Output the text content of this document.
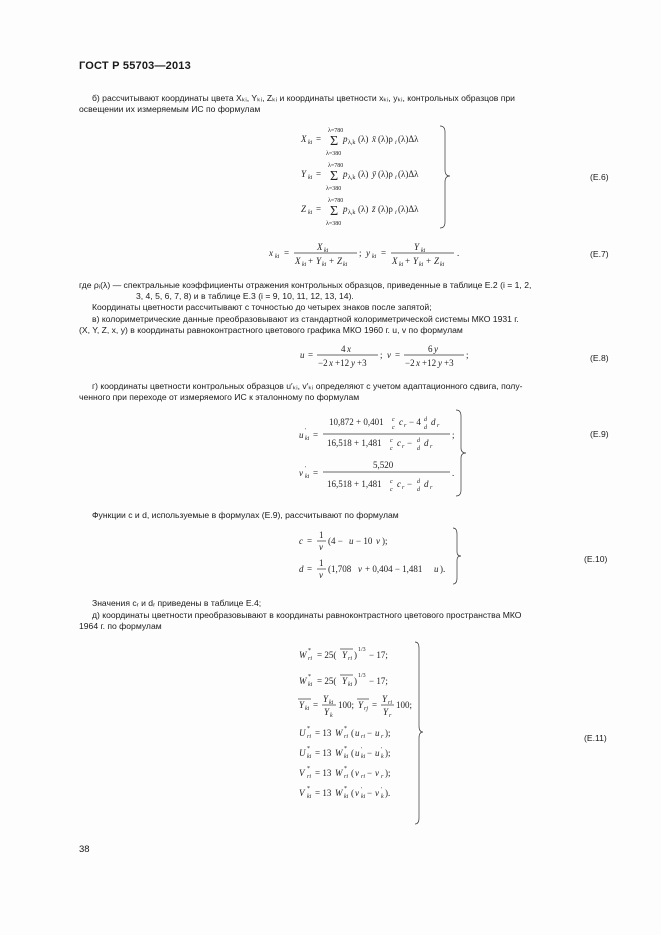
ГОСТ Р 55703—2013
б) рассчитывают координаты цвета Xₖᵢ, Yₖᵢ, Zₖᵢ и координаты цветности xₖᵢ, yₖᵢ, контрольных образцов при
освещении их измеряемым ИС по формулам
X ki =
λ=780
Σ
λ=380
p λ,k (λ) x̄ (λ)ρ i (λ)Δλ
Y ki =
λ=780
Σ
λ=380
p λ,k (λ) ȳ (λ)ρ i (λ)Δλ
Z ki =
λ=780
Σ
λ=380
p λ,k (λ) z̄ (λ)ρ i (λ)Δλ
(Е.6)
x ki =
X ki
X ki + Y ki + Z ki
; y ki =
Y ki
X ki + Y ki + Z ki
.	(Е.7)
где ρᵢ(λ) — спектральные коэффициенты отражения контрольных образцов, приведенные в таблице Е.2 (i = 1, 2,
3, 4, 5, 6, 7, 8) и в таблице Е.3 (i = 9, 10, 11, 12, 13, 14).
Координаты цветности рассчитывают с точностью до четырех знаков после запятой;
в) колориметрические данные преобразовывают из стандартной колориметрической системы МКО 1931 г.
(X, Y, Z, x, y) в координаты равноконтрастного цветового графика МКО 1960 г. u, v по формулам
u =
4 x
−2 x +12 y +3
; v =
6 y
−2 x +12 y +3
;	(Е.8)
г) координаты цветности контрольных образцов u′ₖᵢ, v′ₖᵢ определяют с учетом адаптационного сдвига, полу-
ченного при переходе от измеряемого ИС к эталонному по формулам
u ′
ki =
10,872 + 0,401 c
c
c r − 4 d
d
d r
16,518 + 1,481 c
c
c r − d
d
d r
;
v ′
ki =
5,520
16,518 + 1,481 c
c
c r − d
d
d r
.
(Е.9)
Функции c и d, используемые в формулах (Е.9), рассчитывают по формулам
c =
1
v
(4 − u − 10 v );
d =
1
v
(1,708 v + 0,404 − 1,481 u ).
(Е.10)
Значения cᵣ и dᵣ приведены в таблице Е.4;
д) координаты цветности преобразовывают в координаты равноконтрастного цветового пространства МКО
1964 г. по формулам
W *
ri = 25( Y ri ) 1/3 − 17;
W *
ki = 25( Y ki ) 1/3 − 17;
Y ki =
Y ki
Y k
100; Y rj =
Y ri
Y r
100;
U *
ri = 13 W *
ri ( u ri − u r );
U *
ki = 13 W *
ki ( u ′
ki − u ′
k );
V *
ri = 13 W *
ri ( v ri − v r );
V *
ki = 13 W *
ki ( v ′
ki − v ′
k ).
(Е.11)
38
